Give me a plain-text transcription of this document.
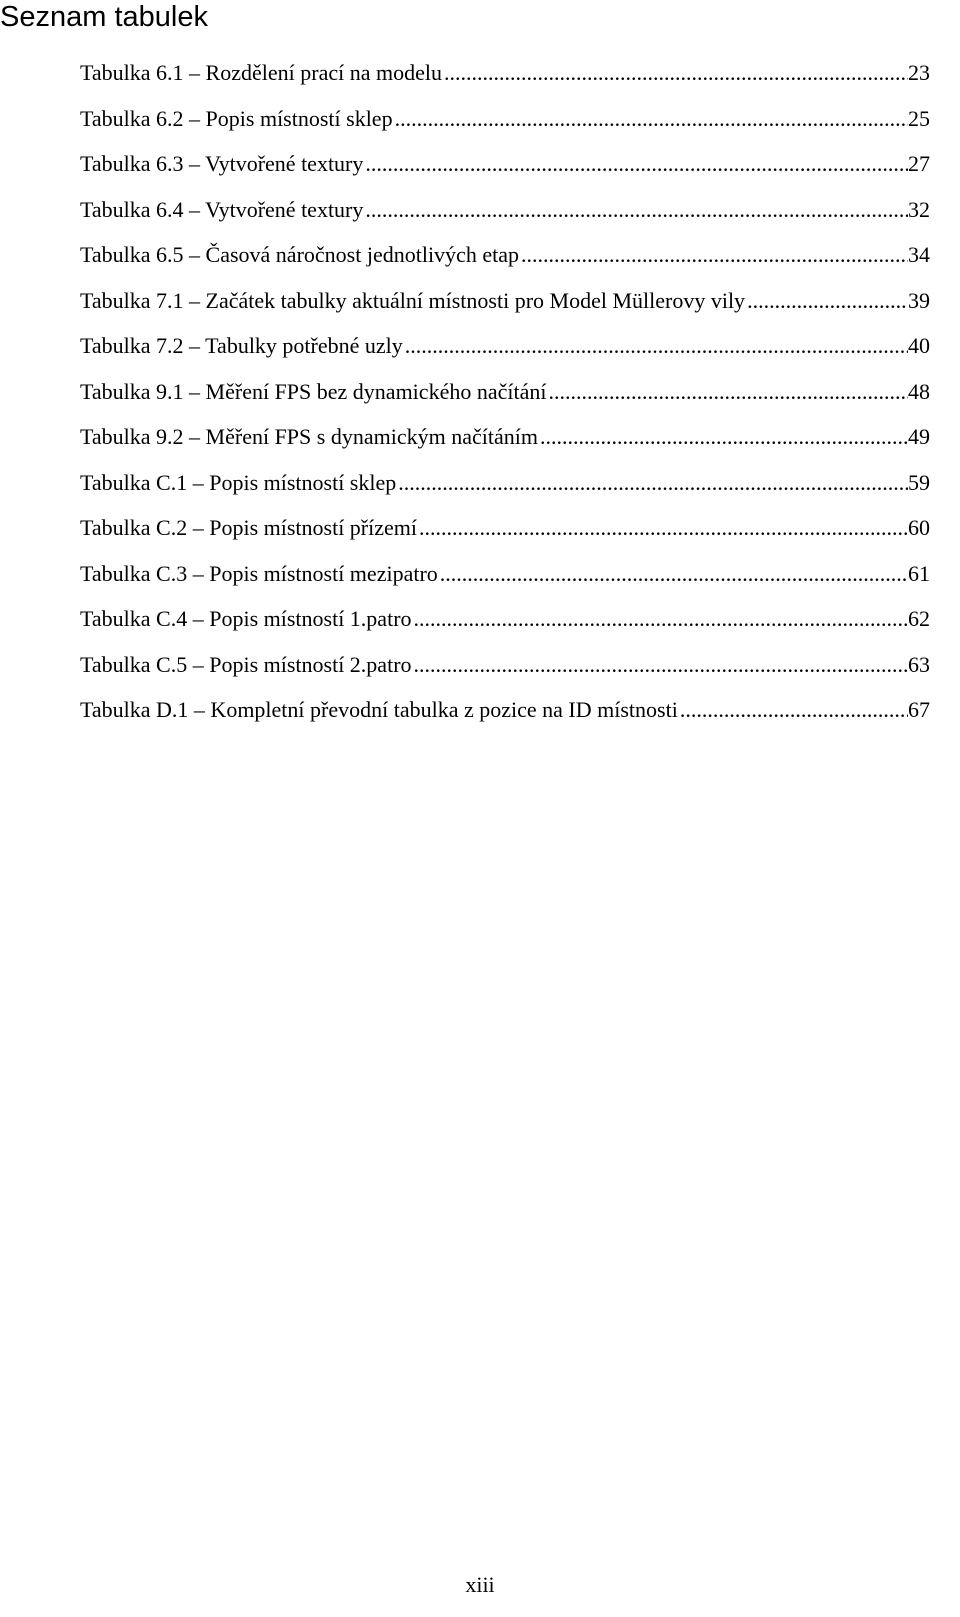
Seznam tabulek
Tabulka 6.1 – Rozdělení prací na modelu .....	23
Tabulka 6.2 – Popis místností sklep .....	25
Tabulka 6.3 – Vytvořené textury .....	27
Tabulka 6.4 – Vytvořené textury .....	32
Tabulka 6.5 – Časová náročnost jednotlivých etap .....	34
Tabulka 7.1 – Začátek tabulky aktuální místnosti pro Model Müllerovy vily .....	39
Tabulka 7.2 – Tabulky potřebné uzly .....	40
Tabulka 9.1 – Měření FPS bez dynamického načítání .....	48
Tabulka 9.2 – Měření FPS s dynamickým načítáním .....	49
Tabulka C.1 – Popis místností sklep .....	59
Tabulka C.2 – Popis místností přízemí .....	60
Tabulka C.3 – Popis místností mezipatro .....	61
Tabulka C.4 – Popis místností 1.patro .....	62
Tabulka C.5 – Popis místností 2.patro .....	63
Tabulka D.1 – Kompletní převodní tabulka z pozice na ID místnosti .....	67
xiii
